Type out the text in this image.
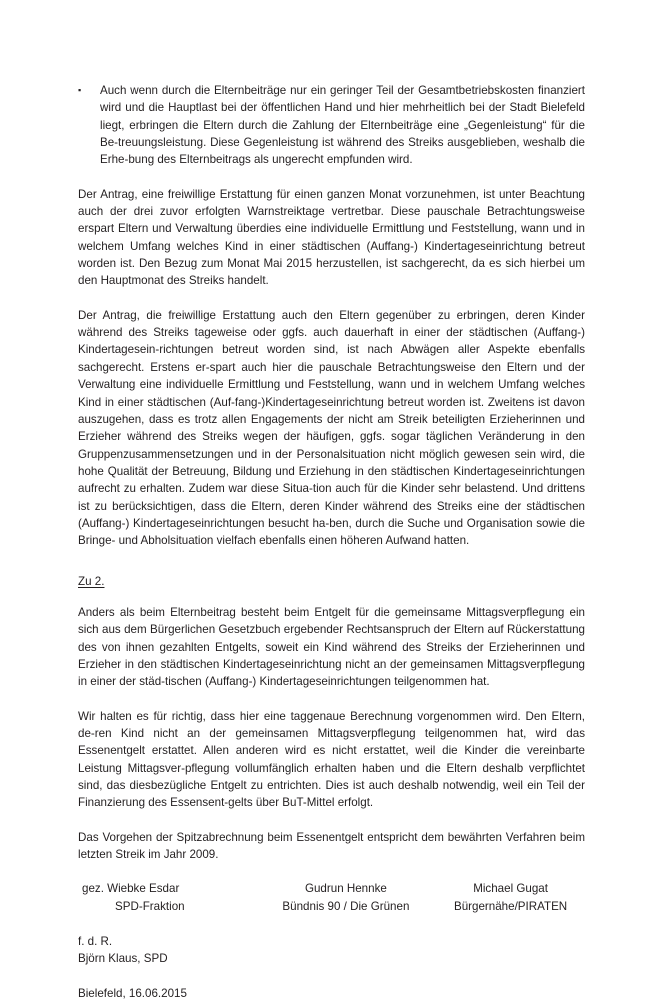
▪	Auch wenn durch die Elternbeiträge nur ein geringer Teil der Gesamtbetriebskosten finanziert wird und die Hauptlast bei der öffentlichen Hand und hier mehrheitlich bei der Stadt Bielefeld liegt, erbringen die Eltern durch die Zahlung der Elternbeiträge eine „Gegenleistung“ für die Be-treuungsleistung. Diese Gegenleistung ist während des Streiks ausgeblieben, weshalb die Erhe-bung des Elternbeitrags als ungerecht empfunden wird.

Der Antrag, eine freiwillige Erstattung für einen ganzen Monat vorzunehmen, ist unter Beachtung auch der drei zuvor erfolgten Warnstreiktage vertretbar. Diese pauschale Betrachtungsweise erspart Eltern und Verwaltung überdies eine individuelle Ermittlung und Feststellung, wann und in welchem Umfang welches Kind in einer städtischen (Auffang-) Kindertageseinrichtung betreut worden ist. Den Bezug zum Monat Mai 2015 herzustellen, ist sachgerecht, da es sich hierbei um den Hauptmonat des Streiks handelt.

Der Antrag, die freiwillige Erstattung auch den Eltern gegenüber zu erbringen, deren Kinder während des Streiks tageweise oder ggfs. auch dauerhaft in einer der städtischen (Auffang-) Kindertagesein-richtungen betreut worden sind, ist nach Abwägen aller Aspekte ebenfalls sachgerecht. Erstens er-spart auch hier die pauschale Betrachtungsweise den Eltern und der Verwaltung eine individuelle Ermittlung und Feststellung, wann und in welchem Umfang welches Kind in einer städtischen (Auf-fang-)Kindertageseinrichtung betreut worden ist. Zweitens ist davon auszugehen, dass es trotz allen Engagements der nicht am Streik beteiligten Erzieherinnen und Erzieher während des Streiks wegen der häufigen, ggfs. sogar täglichen Veränderung in den Gruppenzusammensetzungen und in der Personalsituation nicht möglich gewesen sein wird, die hohe Qualität der Betreuung, Bildung und Erziehung in den städtischen Kindertageseinrichtungen aufrecht zu erhalten. Zudem war diese Situa-tion auch für die Kinder sehr belastend. Und drittens ist zu berücksichtigen, dass die Eltern, deren Kinder während des Streiks eine der städtischen (Auffang-) Kindertageseinrichtungen besucht ha-ben, durch die Suche und Organisation sowie die Bringe- und Abholsituation vielfach ebenfalls einen höheren Aufwand hatten.

Zu 2.

Anders als beim Elternbeitrag besteht beim Entgelt für die gemeinsame Mittagsverpflegung ein sich aus dem Bürgerlichen Gesetzbuch ergebender Rechtsanspruch der Eltern auf Rückerstattung des von ihnen gezahlten Entgelts, soweit ein Kind während des Streiks der Erzieherinnen und Erzieher in den städtischen Kindertageseinrichtung nicht an der gemeinsamen Mittagsverpflegung in einer der städ-tischen (Auffang-) Kindertageseinrichtungen teilgenommen hat.

Wir halten es für richtig, dass hier eine taggenaue Berechnung vorgenommen wird. Den Eltern, de-ren Kind nicht an der gemeinsamen Mittagsverpflegung teilgenommen hat, wird das Essenentgelt erstattet. Allen anderen wird es nicht erstattet, weil die Kinder die vereinbarte Leistung Mittagsver-pflegung vollumfänglich erhalten haben und die Eltern deshalb verpflichtet sind, das diesbezügliche Entgelt zu entrichten. Dies ist auch deshalb notwendig, weil ein Teil der Finanzierung des Essensent-gelts über BuT-Mittel erfolgt.

Das Vorgehen der Spitzabrechnung beim Essenentgelt entspricht dem bewährten Verfahren beim letzten Streik im Jahr 2009.

gez. Wiebke Esdar
SPD-Fraktion
Gudrun Hennke
Bündnis 90 / Die Grünen
Michael Gugat
Bürgernähe/PIRATEN
f. d. R.
Björn Klaus, SPD
Bielefeld, 16.06.2015
